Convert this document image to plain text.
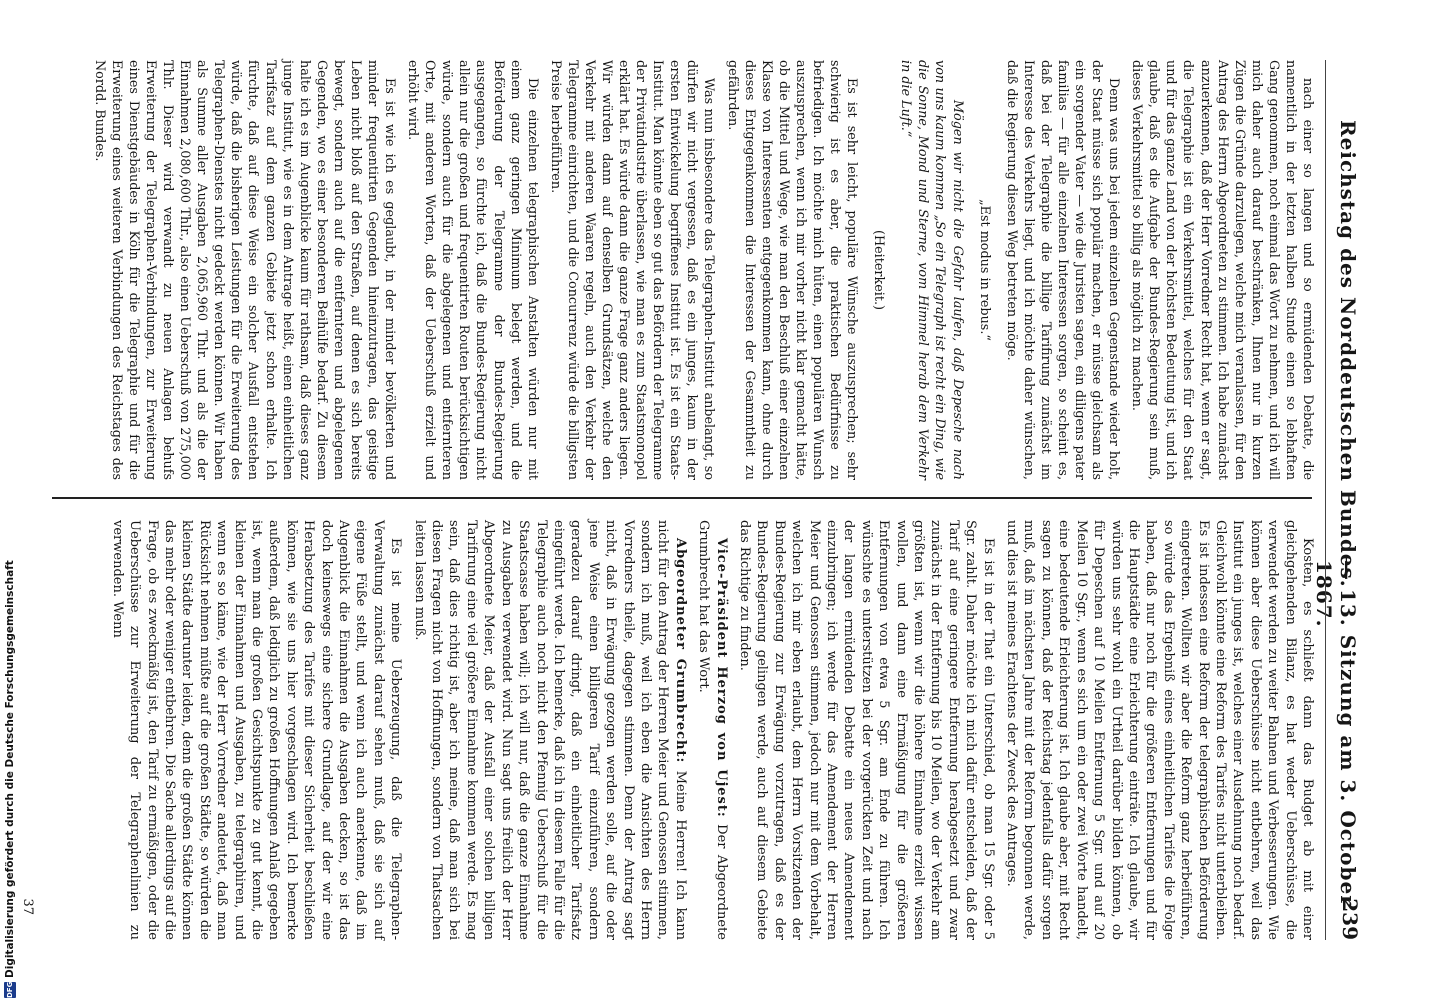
Reichstag des Norddeutschen Bundes.
— 13. Sitzung am 3. October 1867.
239

nach einer so langen und so ermüdenden Debatte, die namentlich in der letzten halben Stunde einen so lebhaften Gang genommen, noch einmal das Wort zu nehmen, und ich will mich daher auch darauf beschränken, Ihnen nur in kurzen Zügen die Gründe darzulegen, welche mich veranlassen, für den Antrag des Herrn Abgeordneten zu stimmen. Ich habe zunächst anzuerkennen, daß der Herr Vorredner Recht hat, wenn er sagt, die Telegraphie ist ein Verkehrsmittel, welches für den Staat und für das ganze Land von der höchsten Bedeutung ist, und ich glaube, daß es die Aufgabe der Bundes-Regierung sein muß, dieses Verkehrsmittel so billig als möglich zu machen.

Denn was uns bei jedem einzelnen Gegenstande wieder holt, der Staat müsse sich populär machen, er müsse gleichsam als ein sorgender Vater — wie die Juristen sagen, ein diligens pater familias — für alle einzelnen Interessen sorgen, so scheint es, daß bei der Telegraphie die billige Tarifirung zunächst im Interesse des Verkehrs liegt, und ich möchte daher wünschen, daß die Regierung diesen Weg betreten möge.

„Est modus in rebus.“

Mögen wir nicht die Gefahr laufen, daß Depesche nach von uns kaum kommen „So ein Telegraph ist recht ein Ding, wie die Sonne, Mond und Sterne, vom Himmel herab dem Verkehr in die Luft.“

(Heiterkeit.)

Es ist sehr leicht, populäre Wünsche auszusprechen; sehr schwierig ist es aber, die praktischen Bedürfnisse zu befriedigen. Ich möchte mich hüten, einen populären Wunsch auszusprechen, wenn ich mir vorher nicht klar gemacht hätte, ob die Mittel und Wege, wie man den Beschluß einer einzelnen Klasse von Interessenten entgegenkommen kann, ohne durch dieses Entgegenkommen die Interessen der Gesammtheit zu gefährden.

Was nun insbesondere das Telegraphen-Institut anbelangt, so dürfen wir nicht vergessen, daß es ein junges, kaum in der ersten Entwickelung begriffenes Institut ist. Es ist ein Staats-Institut. Man könnte eben so gut das Befördern der Telegramme der Privatindustrie überlassen, wie man es zum Staatsmonopol erklärt hat. Es würde dann die ganze Frage ganz anders liegen. Wir würden dann auf denselben Grundsätzen, welche den Verkehr mit anderen Waaren regeln, auch den Verkehr der Telegramme einrichten, und die Concurrenz würde die billigsten Preise herbeiführen.

Die einzelnen telegraphischen Anstalten würden nur mit einem ganz geringen Minimum belegt werden, und die Beförderung der Telegramme der Bundes-Regierung ausgegangen, so fürchte ich, daß die Bundes-Regierung nicht allein nur die großen und frequentirten Routen berücksichtigen würde, sondern auch für die abgelegenen und entfernteren Orte, mit anderen Worten, daß der Ueberschuß erzielt und erhöht wird.

Es ist wie ich es geglaubt, in der minder bevölkerten und minder frequentirten Gegenden hineinzutragen, das geistige Leben nicht bloß auf den Straßen, auf denen es sich bereits bewegt, sondern auch auf die entfernteren und abgelegenen Gegenden, wo es einer besonderen Beihülfe bedarf. Zu diesem halte ich es im Augenblicke kaum für rathsam, daß dieses ganz junge Institut, wie es in dem Antrage heißt, einen einheitlichen Tarifsatz auf dem ganzen Gebiete jetzt schon erhalte. Ich fürchte, daß auf diese Weise ein solcher Ausfall entstehen würde, daß die bisherigen Leistungen für die Erweiterung des Telegraphen-Dienstes nicht gedeckt werden können. Wir haben als Summe aller Ausgaben 2,065,960 Thlr. und als die der Einnahmen 2,080,600 Thlr., also einen Ueberschuß von 275,000 Thlr. Dieser wird verwandt zu neuen Anlagen behufs Erweiterung der Telegraphen-Verbindungen, zur Erweiterung eines Dienstgebäudes in Köln für die Telegraphie und für die Erweiterung eines weiteren Verbindungen des Reichstages des Nordd. Bundes.

Kosten, es schließt dann das Budget ab mit einer gleichgehenden Bilanz, es hat weder Ueberschüsse, die verwendet werden zu weiter Bahnen und Verbesserungen. Wie können aber diese Ueberschüsse nicht entbehren, weil das Institut ein junges ist, welches einer Ausdehnung noch bedarf. Gleichwohl könnte eine Reform des Tarifes nicht unterbleiben. Es ist indessen eine Reform der telegraphischen Beförderung eingetreten. Wollten wir aber die Reform ganz herbeiführen, so würde das Ergebniß eines einheitlichen Tarifes die Folge haben, daß nur noch für die größeren Entfernungen und für die Hauptstädte eine Erleichterung einträte. Ich glaube, wir würden uns sehr wohl ein Urtheil darüber bilden können, ob für Depeschen auf 10 Meilen Entfernung 5 Sgr. und auf 20 Meilen 10 Sgr., wenn es sich um ein oder zwei Worte handelt, eine bedeutende Erleichterung ist. Ich glaube aber, mit Recht sagen zu können, daß der Reichstag jedenfalls dafür sorgen muß, daß im nächsten Jahre mit der Reform begonnen werde, und dies ist meines Erachtens der Zweck des Antrages.

Es ist in der That ein Unterschied, ob man 15 Sgr. oder 5 Sgr. zahlt. Daher möchte ich mich dafür entscheiden, daß der Tarif auf eine geringere Entfernung herabgesetzt und zwar zunächst in der Entfernung bis 10 Meilen, wo der Verkehr am größten ist, wenn wir die höhere Einnahme erzielt wissen wollen, und dann eine Ermäßigung für die größeren Entfernungen von etwa 5 Sgr. am Ende zu führen. Ich wünschte es unterstützen bei der vorgerückten Zeit und nach der langen ermüdenden Debatte ein neues Amendement einzubringen; ich werde für das Amendement der Herren Meier und Genossen stimmen, jedoch nur mit dem Vorbehalt, welchen ich mir eben erlaubt, dem Herrn Vorsitzenden der Bundes-Regierung zur Erwägung vorzutragen, daß es der Bundes-Regierung gelingen werde, auch auf diesem Gebiete das Richtige zu finden.

Vice-Präsident Herzog von Ujest: Der Abgeordnete Grumbrecht hat das Wort.

Abgeordneter Grumbrecht: Meine Herren! Ich kann nicht für den Antrag der Herren Meier und Genossen stimmen, sondern ich muß, weil ich eben die Ansichten des Herrn Vorredners theile, dagegen stimmen. Denn der Antrag sagt nicht, daß in Erwägung gezogen werden solle, auf die oder jene Weise einen billigeren Tarif einzuführen, sondern geradezu darauf dringt, daß ein einheitlicher Tarifsatz eingeführt werde. Ich bemerke, daß ich in diesem Falle für die Telegraphie auch noch nicht den Pfennig Ueberschuß für die Staatscasse haben will; ich will nur, daß die ganze Einnahme zu Ausgaben verwendet wird. Nun sagt uns freilich der Herr Abgeordnete Meier, daß der Ausfall einer solchen billigen Tarifirung eine viel größere Einnahme kommen werde. Es mag sein, daß dies richtig ist, aber ich meine, daß man sich bei diesen Fragen nicht von Hoffnungen, sondern von Thatsachen leiten lassen muß.

Es ist meine Ueberzeugung, daß die Telegraphen-Verwaltung zunächst darauf sehen muß, daß sie sich auf eigene Füße stellt, und wenn ich auch anerkenne, daß im Augenblick die Einnahmen die Ausgaben decken, so ist das doch keineswegs eine sichere Grundlage, auf der wir eine Herabsetzung des Tarifes mit dieser Sicherheit beschließen können, wie sie uns hier vorgeschlagen wird. Ich bemerke außerdem, daß lediglich zu großen Hoffnungen Anlaß gegeben ist, wenn man die großen Gesichtspunkte zu gut kennt, die kleinen der Einnahmen und Ausgaben, zu telegraphiren, und wenn es so käme, wie der Herr Vorredner andeutet, daß man Rücksicht nehmen müßte auf die großen Städte, so würden die kleinen Städte darunter leiden, denn die großen Städte können das mehr oder weniger entbehren. Die Sache allerdings auf die Frage, ob es zweckmäßig ist, den Tarif zu ermäßigen, oder die Ueberschüsse zur Erweiterung der Telegraphenlinien zu verwenden. Wenn

37
DFG
Digitalisierung gefördert durch die Deutsche Forschungsgemeinschaft
